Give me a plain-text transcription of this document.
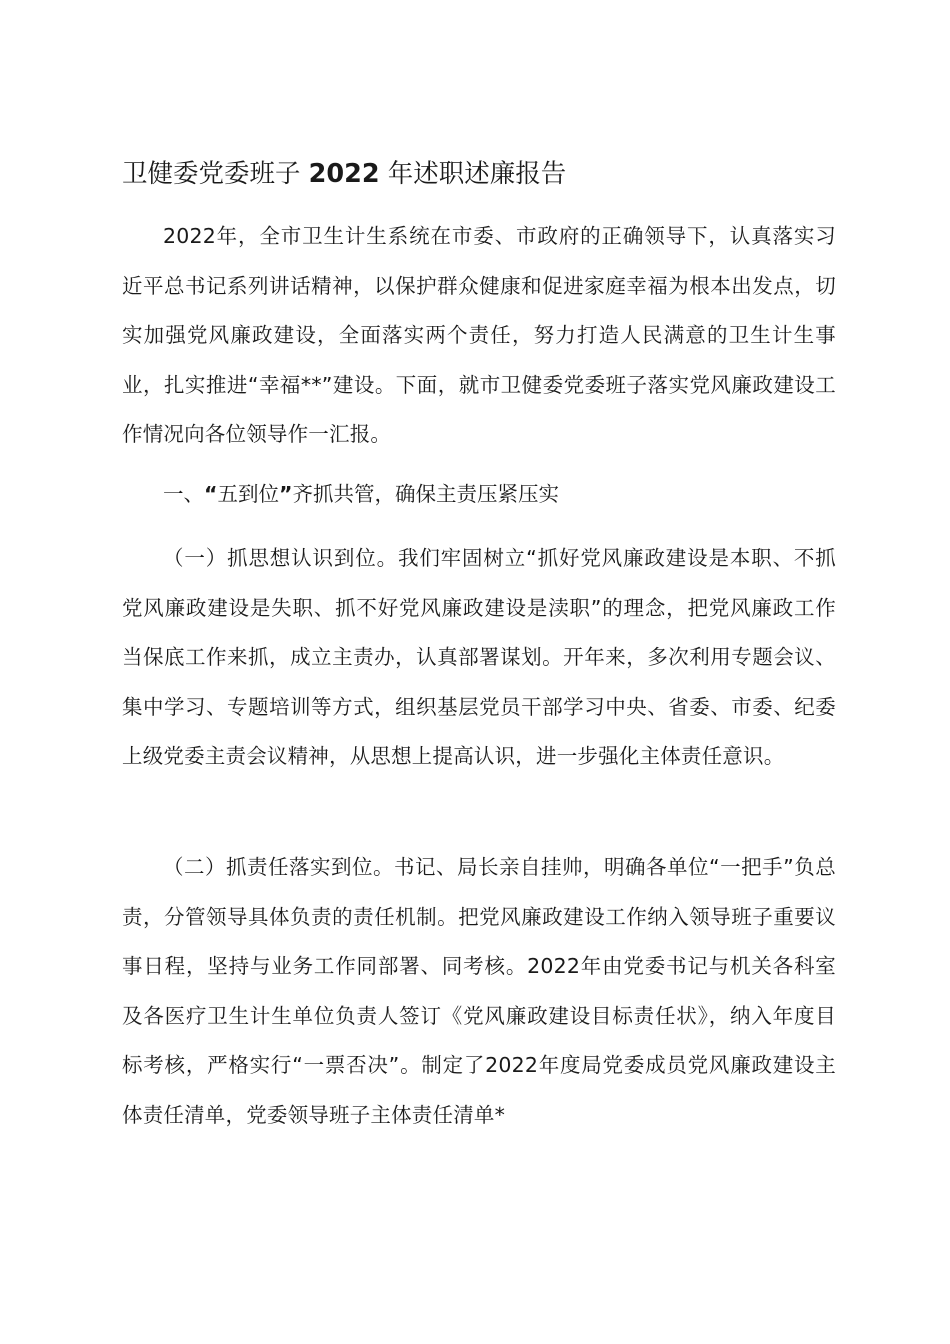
卫健委党委班子 2022 年述职述廉报告

2022年，全市卫生计生系统在市委、市政府的正确领导下，认真落实习近平总书记系列讲话精神，以保护群众健康和促进家庭幸福为根本出发点，切实加强党风廉政建设，全面落实两个责任，努力打造人民满意的卫生计生事业，扎实推进“幸福**”建设。下面，就市卫健委党委班子落实党风廉政建设工作情况向各位领导作一汇报。

一、“五到位”齐抓共管，确保主责压紧压实

（一）抓思想认识到位。我们牢固树立“抓好党风廉政建设是本职、不抓党风廉政建设是失职、抓不好党风廉政建设是渎职”的理念，把党风廉政工作当保底工作来抓，成立主责办，认真部署谋划。开年来，多次利用专题会议、集中学习、专题培训等方式，组织基层党员干部学习中央、省委、市委、纪委上级党委主责会议精神，从思想上提高认识，进一步强化主体责任意识。

（二）抓责任落实到位。书记、局长亲自挂帅，明确各单位“一把手”负总责，分管领导具体负责的责任机制。把党风廉政建设工作纳入领导班子重要议事日程，坚持与业务工作同部署、同考核。2022年由党委书记与机关各科室及各医疗卫生计生单位负责人签订《党风廉政建设目标责任状》，纳入年度目标考核，严格实行“一票否决”。制定了2022年度局党委成员党风廉政建设主体责任清单，党委领导班子主体责任清单*
